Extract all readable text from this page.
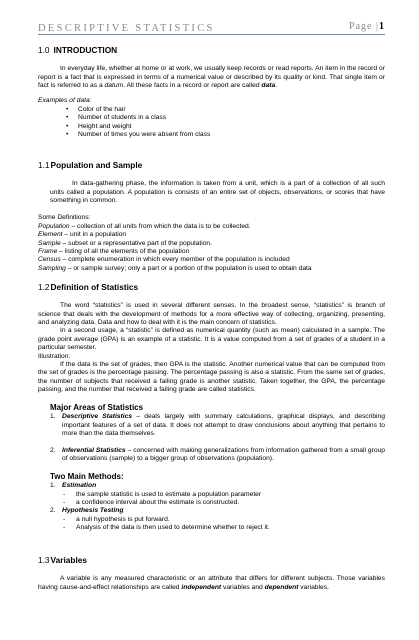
DESCRIPTIVE STATISTICS	Page |1
1.0 INTRODUCTION

In everyday life, whether at home or at work, we usually keep records or read reports. An item in the record or report is a fact that is expressed in terms of a numerical value or described by its quality or kind. That single item or fact is referred to as a datum. All these facts in a record or report are called data.

Examples of data:
• Color of the hair
• Number of students in a class
• Height and weight
• Number of times you were absent from class
1.1Population and Sample

In data-gathering phase, the information is taken from a unit, which is a part of a collection of all such units called a population. A population is consists of an entire set of objects, observations, or scores that have something in common.

Some Definitions:
Population – collection of all units from which the data is to be collected.
Element – unit in a population
Sample – subset or a representative part of the population.
Frame – listing of all the elements of the population
Census – complete enumeration in which every member of the population is included
Sampling – or sample survey; only a part or a portion of the population is used to obtain data
1.2Definition of Statistics

The word “statistics” is used in several different senses. In the broadest sense, “statistics” is branch of science that deals with the development of methods for a more effective way of collecting, organizing, presenting, and analyzing data. Data and how to deal with it is the main concern of statistics.

In a second usage, a “statistic” is defined as numerical quantity (such as mean) calculated in a sample. The grade point average (GPA) is an example of a statistic. It is a value computed from a set of grades of a student in a particular semester.

Illustration:

If the data is the set of grades, then GPA is the statistic. Another numerical value that can be computed from the set of grades is the percentage passing. The percentage passing is also a statistic. From the same set of grades, the number of subjects that received a failing grade is another statistic. Taken together, the GPA, the percentage passing, and the number that received a failing grade are called statistics.

Major Areas of Statistics
1. Descriptive Statistics – deals largely with summary calculations, graphical displays, and describing important features of a set of data. It does not attempt to draw conclusions about anything that pertains to more than the data themselves.
2. Inferential Statistics – concerned with making generalizations from information gathered from a small group of observations (sample) to a bigger group of observations (population).
Two Main Methods:
1. Estimation
- the sample statistic is used to estimate a population parameter
- a confidence interval about the estimate is constructed.
2. Hypothesis Testing
- a null hypothesis is put forward.
- Analysis of the data is then used to determine whether to reject it.
1.3Variables

A variable is any measured characteristic or an attribute that differs for different subjects. Those variables having cause-and-effect relationships are called independent variables and dependent variables.
